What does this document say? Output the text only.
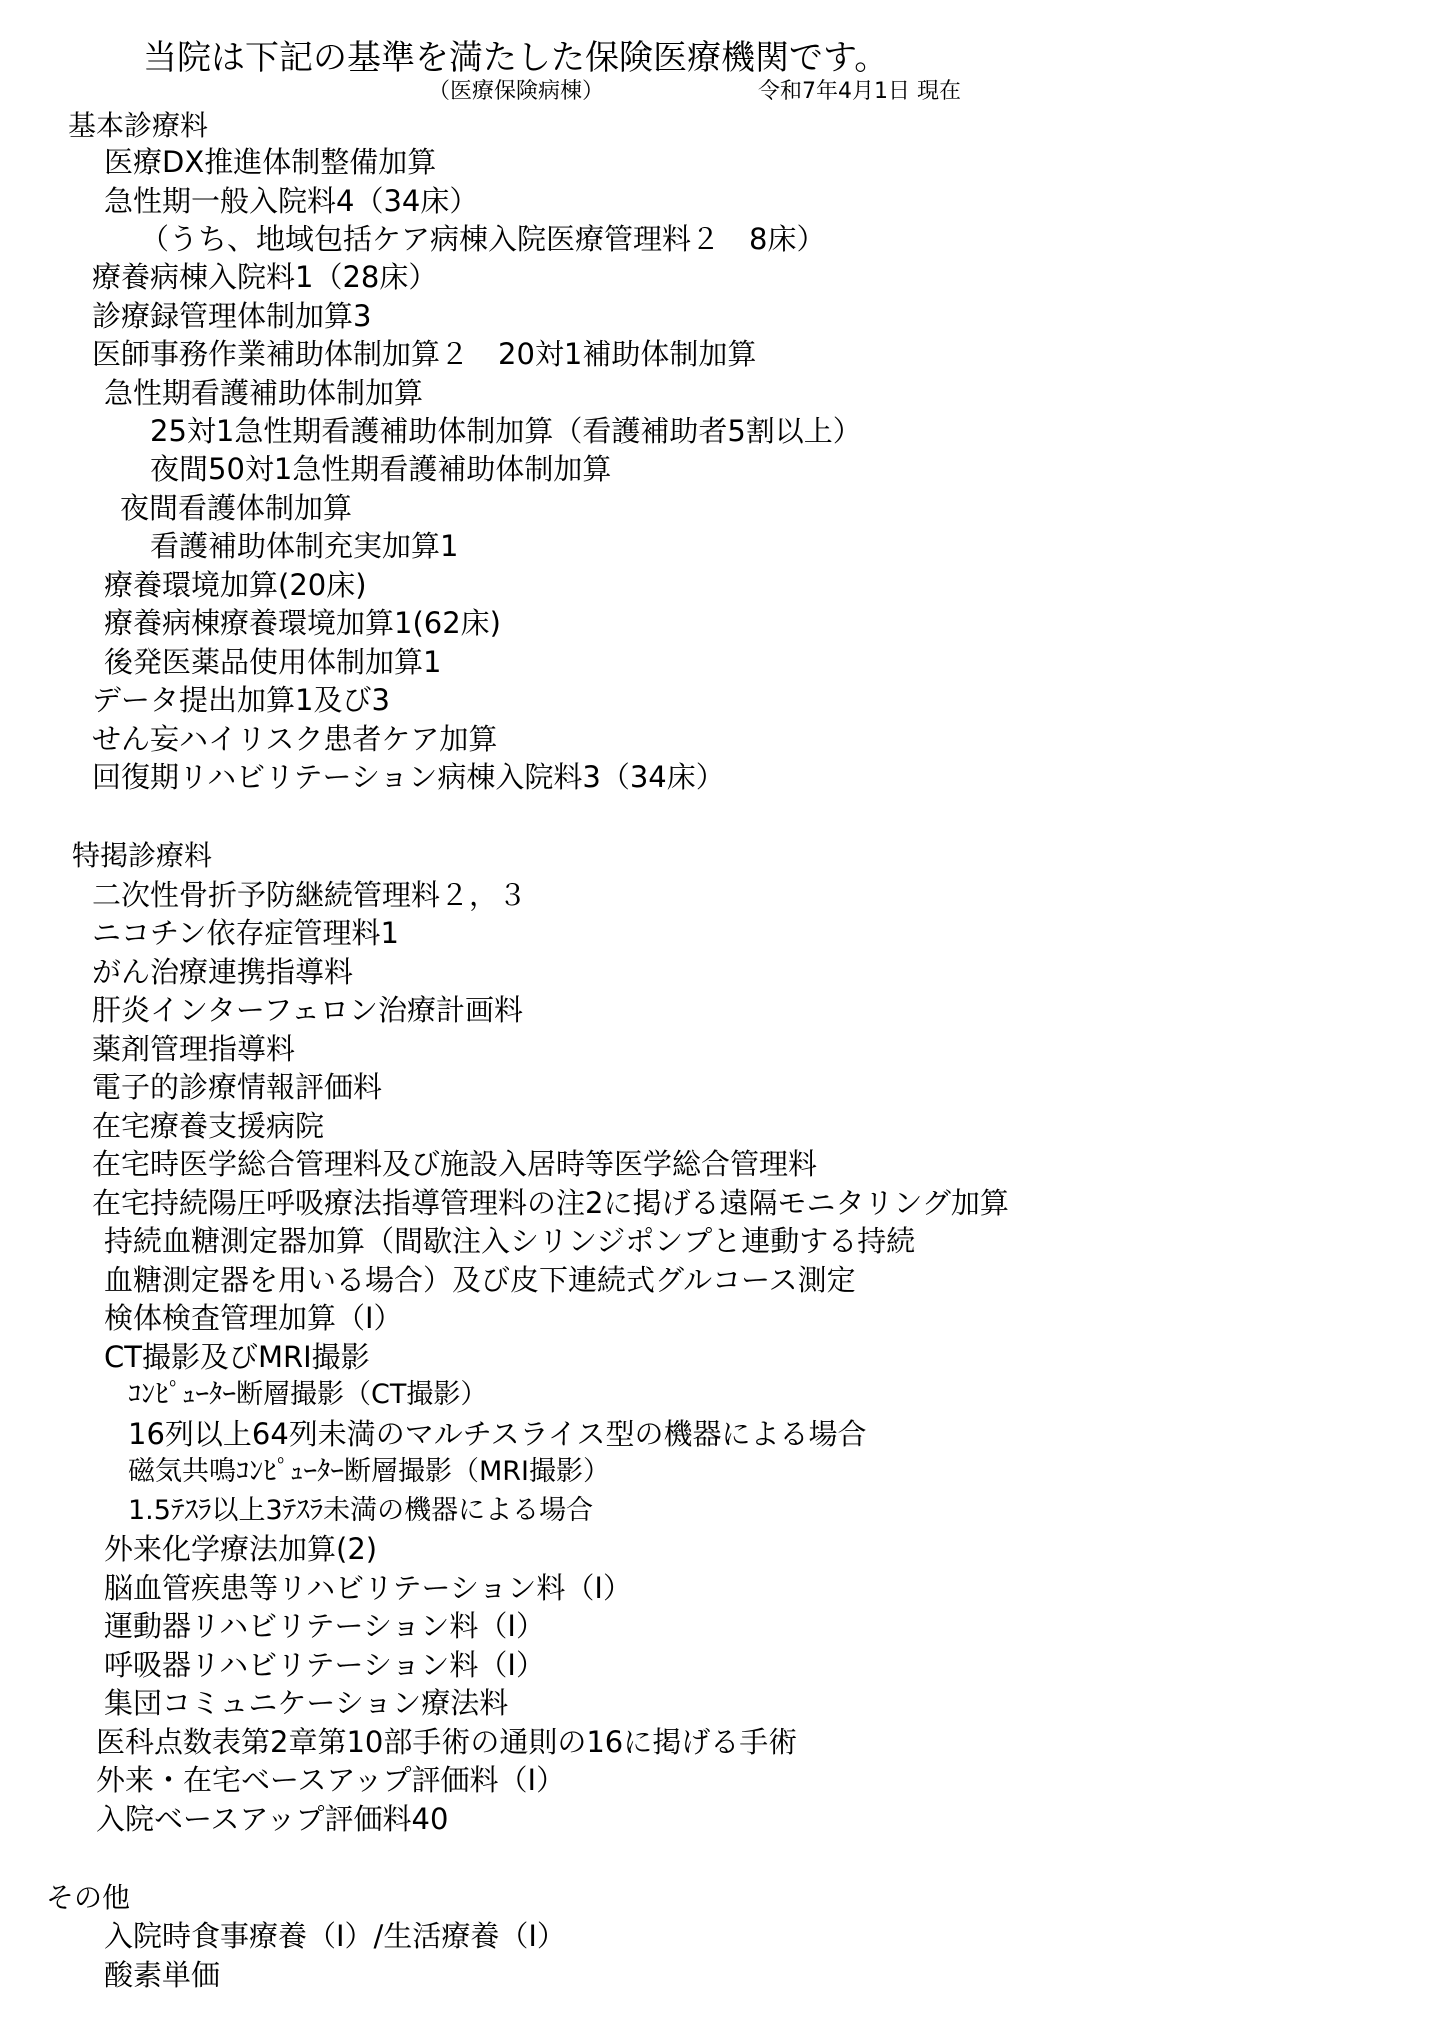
当院は下記の基準を満たした保険医療機関です。
（医療保険病棟）	令和7年4月1日 現在
基本診療料
医療DX推進体制整備加算
急性期一般入院料4（34床）
（うち、地域包括ケア病棟入院医療管理料２　8床）
療養病棟入院料1（28床）
診療録管理体制加算3
医師事務作業補助体制加算２　20対1補助体制加算
急性期看護補助体制加算
25対1急性期看護補助体制加算（看護補助者5割以上）
夜間50対1急性期看護補助体制加算
夜間看護体制加算
看護補助体制充実加算1
療養環境加算(20床)
療養病棟療養環境加算1(62床)
後発医薬品使用体制加算1
データ提出加算1及び3
せん妄ハイリスク患者ケア加算
回復期リハビリテーション病棟入院料3（34床）
特掲診療料
二次性骨折予防継続管理料２，３
ニコチン依存症管理料1
がん治療連携指導料
肝炎インターフェロン治療計画料
薬剤管理指導料
電子的診療情報評価料
在宅療養支援病院
在宅時医学総合管理料及び施設入居時等医学総合管理料
在宅持続陽圧呼吸療法指導管理料の注2に掲げる遠隔モニタリング加算
持続血糖測定器加算（間歇注入シリンジポンプと連動する持続
血糖測定器を用いる場合）及び皮下連続式グルコース測定
検体検査管理加算（Ⅰ）
CT撮影及びMRI撮影
ｺﾝﾋﾟｭｰﾀｰ断層撮影（CT撮影）
16列以上64列未満のマルチスライス型の機器による場合
磁気共鳴ｺﾝﾋﾟｭｰﾀｰ断層撮影（MRI撮影）
1.5ﾃｽﾗ以上3ﾃｽﾗ未満の機器による場合
外来化学療法加算(2)
脳血管疾患等リハビリテーション料（Ⅰ）
運動器リハビリテーション料（Ⅰ）
呼吸器リハビリテーション料（Ⅰ）
集団コミュニケーション療法料
医科点数表第2章第10部手術の通則の16に掲げる手術
外来・在宅ベースアップ評価料（Ⅰ）
入院ベースアップ評価料40
その他
入院時食事療養（Ⅰ）/生活療養（Ⅰ）
酸素単価
